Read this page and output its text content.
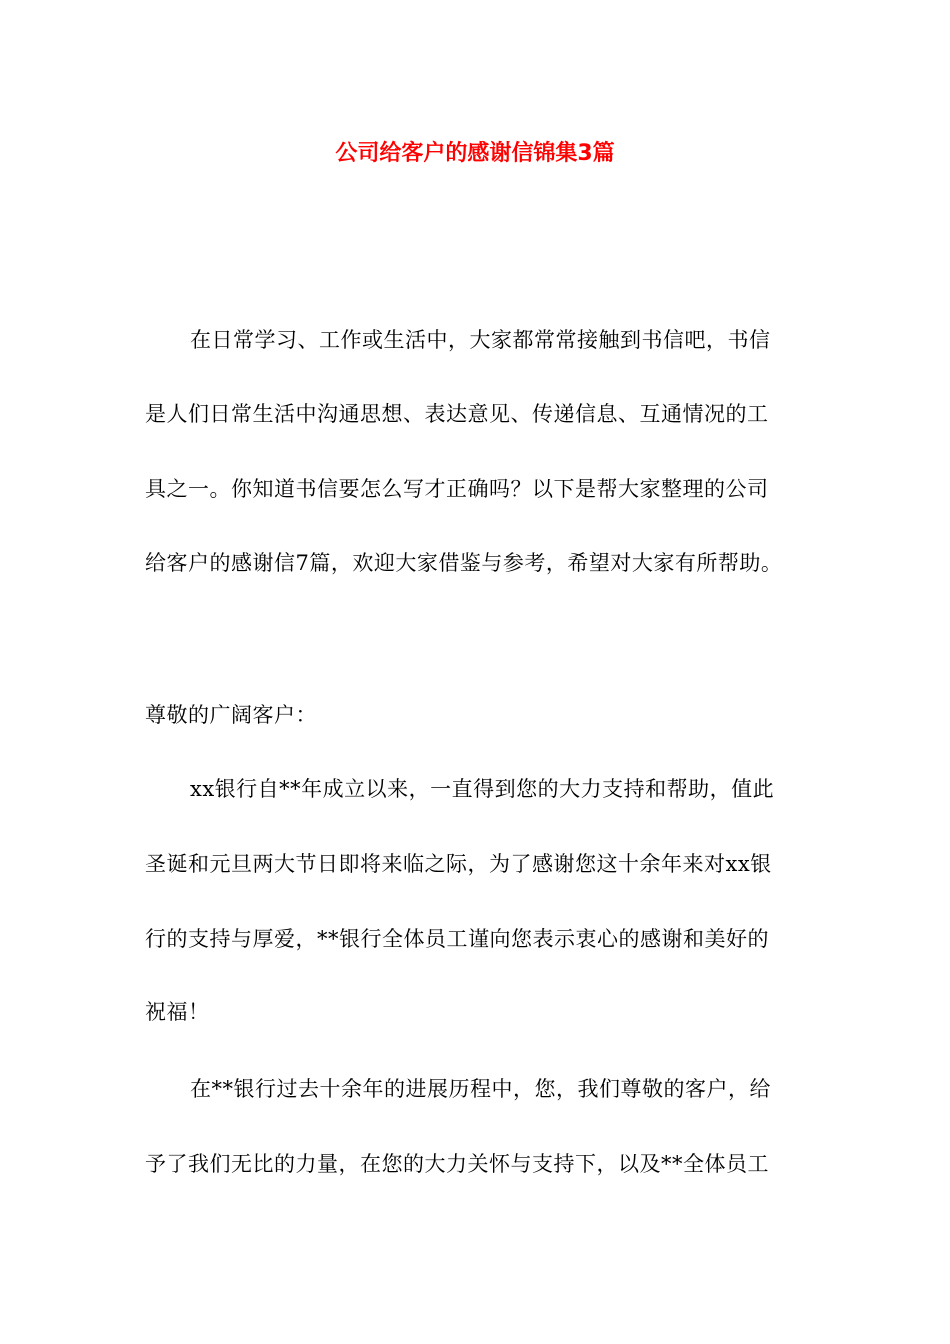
公司给客户的感谢信锦集3篇
在日常学习、工作或生活中，大家都常常接触到书信吧，书信
是人们日常生活中沟通思想、表达意见、传递信息、互通情况的工
具之一。你知道书信要怎么写才正确吗？以下是帮大家整理的公司
给客户的感谢信7篇，欢迎大家借鉴与参考，希望对大家有所帮助。
尊敬的广阔客户：
xx银行自**年成立以来，一直得到您的大力支持和帮助，值此
圣诞和元旦两大节日即将来临之际，为了感谢您这十余年来对xx银
行的支持与厚爱，**银行全体员工谨向您表示衷心的感谢和美好的
祝福！
在**银行过去十余年的进展历程中，您，我们尊敬的客户，给
予了我们无比的力量，在您的大力关怀与支持下，以及**全体员工
